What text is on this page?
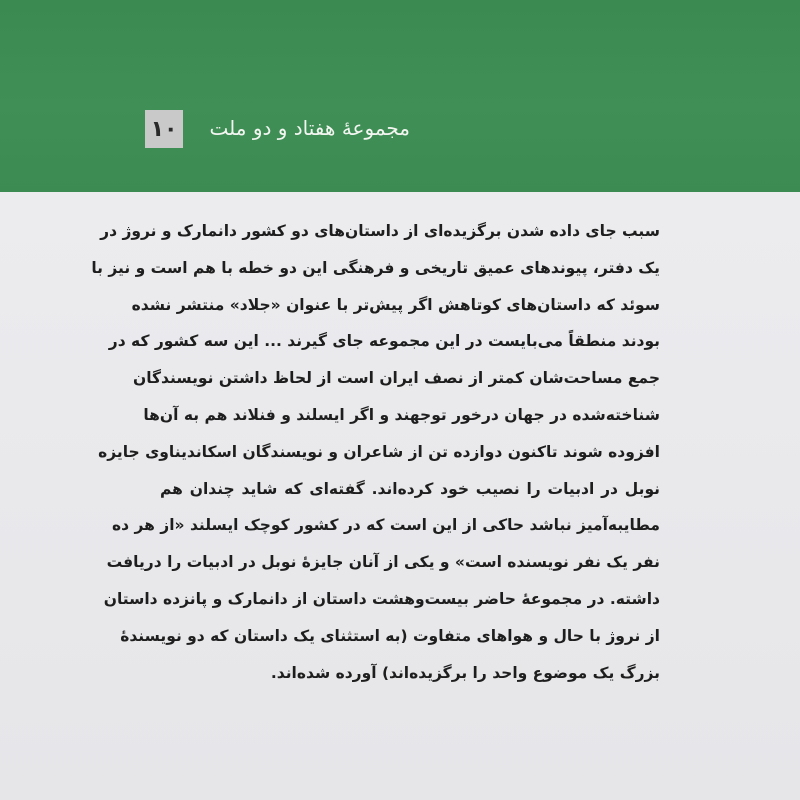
مجموعهٔ هفتاد و دو ملت
۱۰
سبب جای داده شدن برگزیده‌ای از داستان‌های دو کشور دانمارک و نروژ در
یک دفتر، پیوندهای عمیق تاریخی و فرهنگی این دو خطه با هم است و نیز با
سوئد که داستان‌های کوتاهش اگر پیش‌تر با عنوان «جلاد» منتشر نشده
بودند منطقاً می‌بایست در این مجموعه جای گیرند ... این سه کشور که در
جمع مساحت‌شان کمتر از نصف ایران است از لحاظ داشتن نویسندگان
شناخته‌شده در جهان درخور توجهند و اگر ایسلند و فنلاند هم به آن‌ها
افزوده شوند تاکنون دوازده تن از شاعران و نویسندگان اسکاندیناوی جایزه
نوبل در ادبیات را نصیب خود کرده‌اند. گفته‌ای که شاید چندان هم
مطایبه‌آمیز نباشد حاکی از این است که در کشور کوچک ایسلند «از هر ده
نفر یک نفر نویسنده است» و یکی از آنان جایزهٔ نوبل در ادبیات را دریافت
داشته. در مجموعهٔ حاضر بیست‌وهشت داستان از دانمارک و پانزده داستان
از نروژ با حال و هواهای متفاوت (به استثنای یک داستان که دو نویسندهٔ
بزرگ یک موضوع واحد را برگزیده‌اند) آورده شده‌اند.
